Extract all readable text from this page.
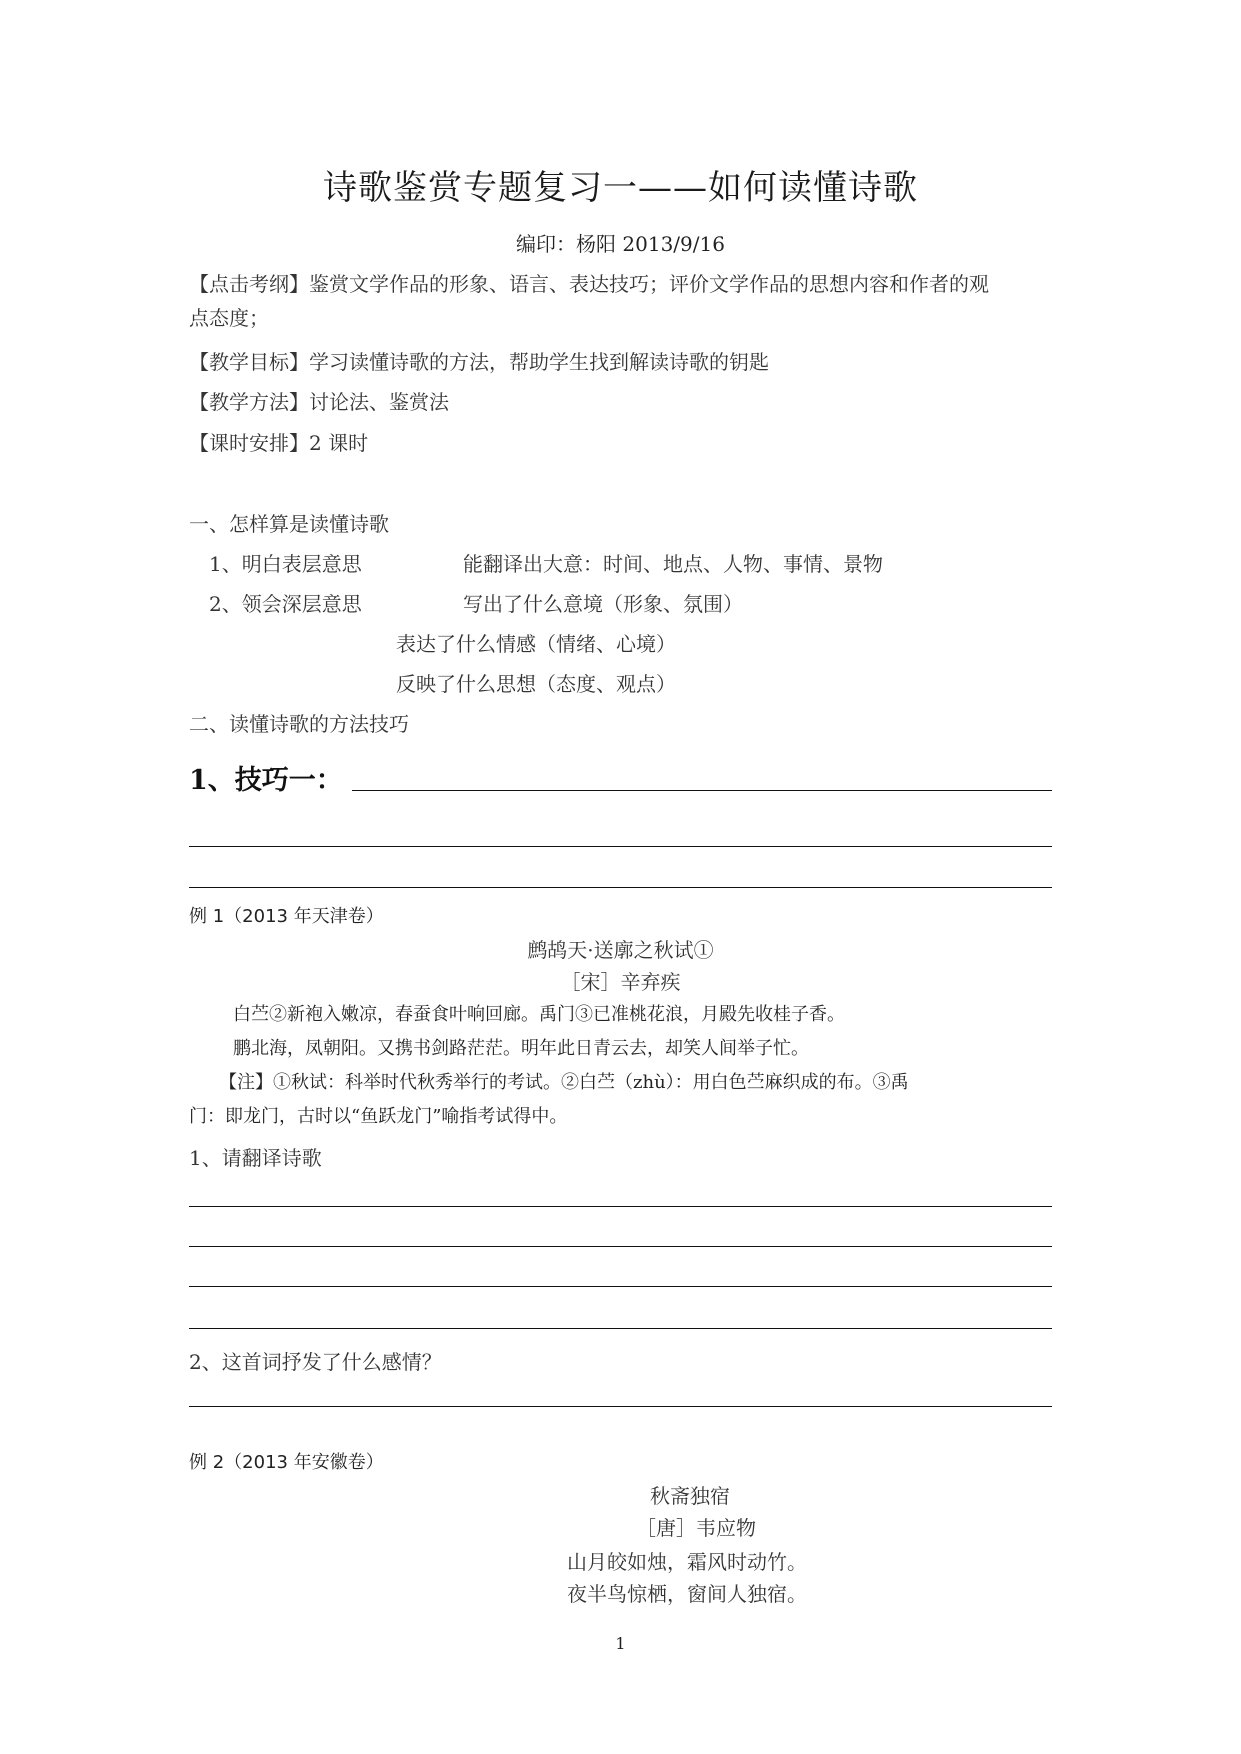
诗歌鉴赏专题复习一——如何读懂诗歌
编印：杨阳 2013/9/16
【点击考纲】鉴赏文学作品的形象、语言、表达技巧；评价文学作品的思想内容和作者的观
点态度；
【教学目标】学习读懂诗歌的方法，帮助学生找到解读诗歌的钥匙
【教学方法】讨论法、鉴赏法
【课时安排】2 课时
一、怎样算是读懂诗歌
1、明白表层意思	能翻译出大意：时间、地点、人物、事情、景物
2、领会深层意思	写出了什么意境（形象、氛围）
表达了什么情感（情绪、心境）
反映了什么思想（态度、观点）
二、读懂诗歌的方法技巧
1、技巧一：
例 1（2013 年天津卷）
鹧鸪天·送廓之秋试①
［宋］辛弃疾
白苎②新袍入嫩凉，春蚕食叶响回廊。禹门③已准桃花浪，月殿先收桂子香。
鹏北海，凤朝阳。又携书剑路茫茫。明年此日青云去，却笑人间举子忙。
【注】①秋试：科举时代秋秀举行的考试。②白苎（zhù）：用白色苎麻织成的布。③禹
门：即龙门，古时以“鱼跃龙门”喻指考试得中。
1、请翻译诗歌
2、这首词抒发了什么感情？
例 2（2013 年安徽卷）
秋斋独宿
［唐］韦应物
山月皎如烛，霜风时动竹。
夜半鸟惊栖，窗间人独宿。
1
